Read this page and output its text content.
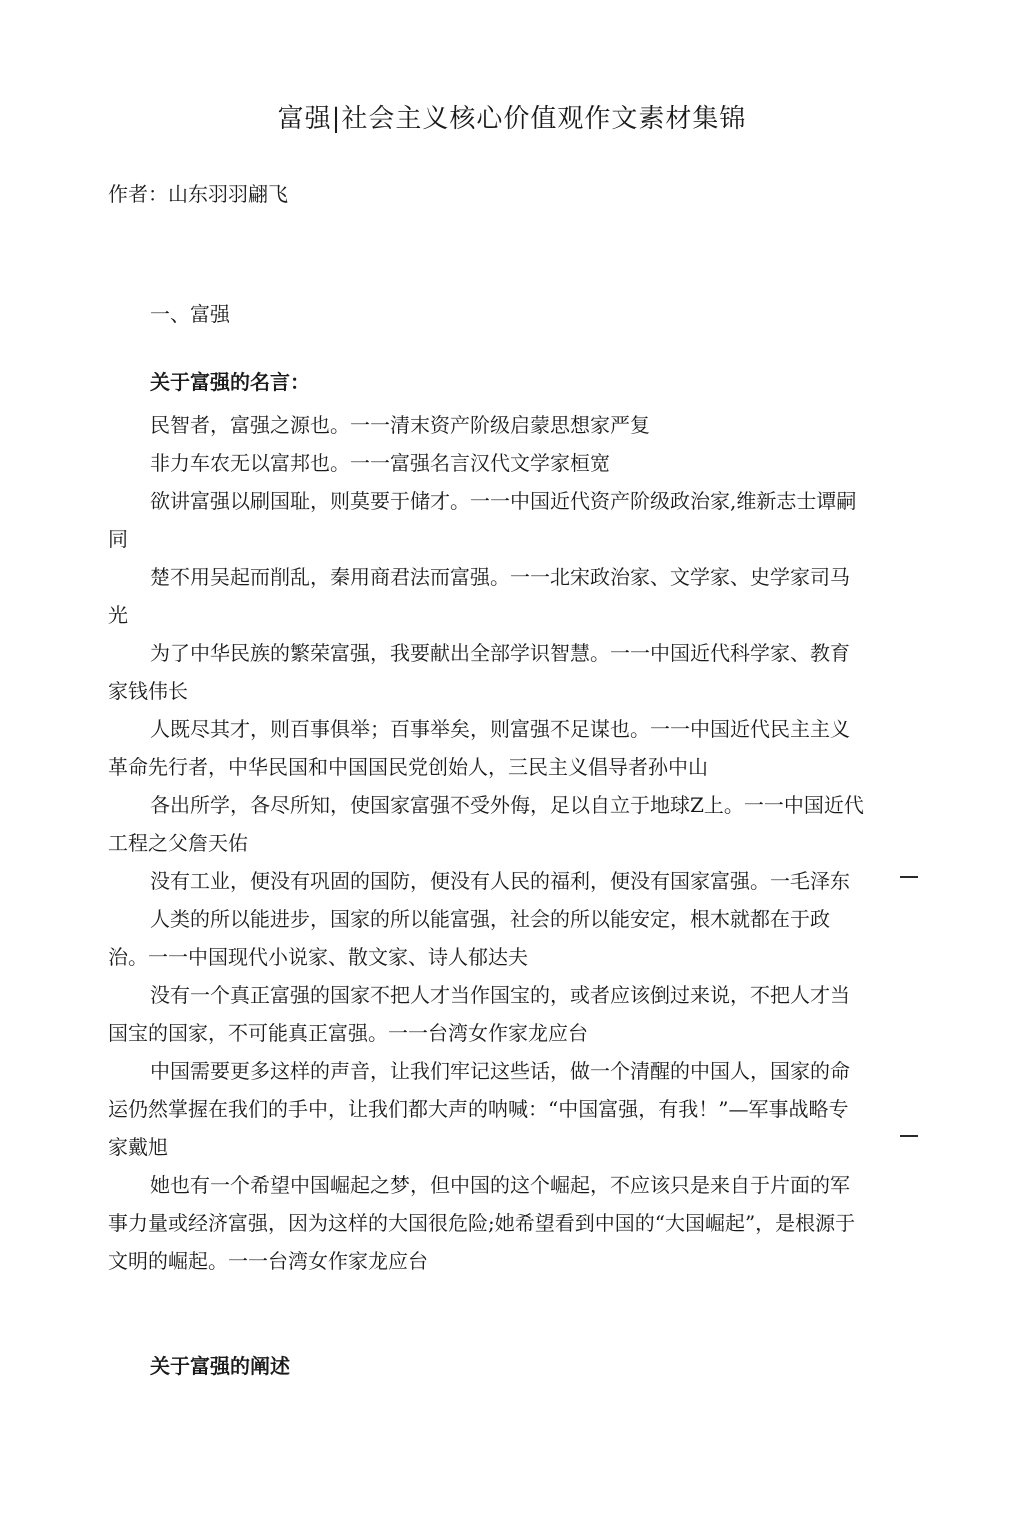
富强|社会主义核心价值观作文素材集锦
作者：山东羽羽翩飞
一、富强
关于富强的名言：

民智者，富强之源也。一一清末资产阶级启蒙思想家严复

非力车农无以富邦也。一一富强名言汉代文学家桓宽

欲讲富强以刷国耻，则莫要于储才。一一中国近代资产阶级政治家,维新志士谭嗣同

楚不用吴起而削乱，秦用商君法而富强。一一北宋政治家、文学家、史学家司马光

为了中华民族的繁荣富强，我要献出全部学识智慧。一一中国近代科学家、教育家钱伟长

人既尽其才，则百事俱举；百事举矣，则富强不足谋也。一一中国近代民主主义革命先行者，中华民国和中国国民党创始人，三民主义倡导者孙中山

各出所学，各尽所知，使国家富强不受外侮，足以自立于地球Z上。一一中国近代工程之父詹天佑

没有工业，便没有巩固的国防，便没有人民的福利，便没有国家富强。一毛泽东

人类的所以能进步，国家的所以能富强，社会的所以能安定，根木就都在于政治。一一中国现代小说家、散文家、诗人郁达夫

没有一个真正富强的国家不把人才当作国宝的，或者应该倒过来说，不把人才当国宝的国家，不可能真正富强。一一台湾女作家龙应台

中国需要更多这样的声音，让我们牢记这些话，做一个清醒的中国人，国家的命运仍然掌握在我们的手中，让我们都大声的呐喊：“中国富强，有我！”—军事战略专家戴旭

她也有一个希望中国崛起之梦，但中国的这个崛起，不应该只是来自于片面的军事力量或经济富强，因为这样的大国很危险;她希望看到中国的“大国崛起”，是根源于文明的崛起。一一台湾女作家龙应台

关于富强的阐述
